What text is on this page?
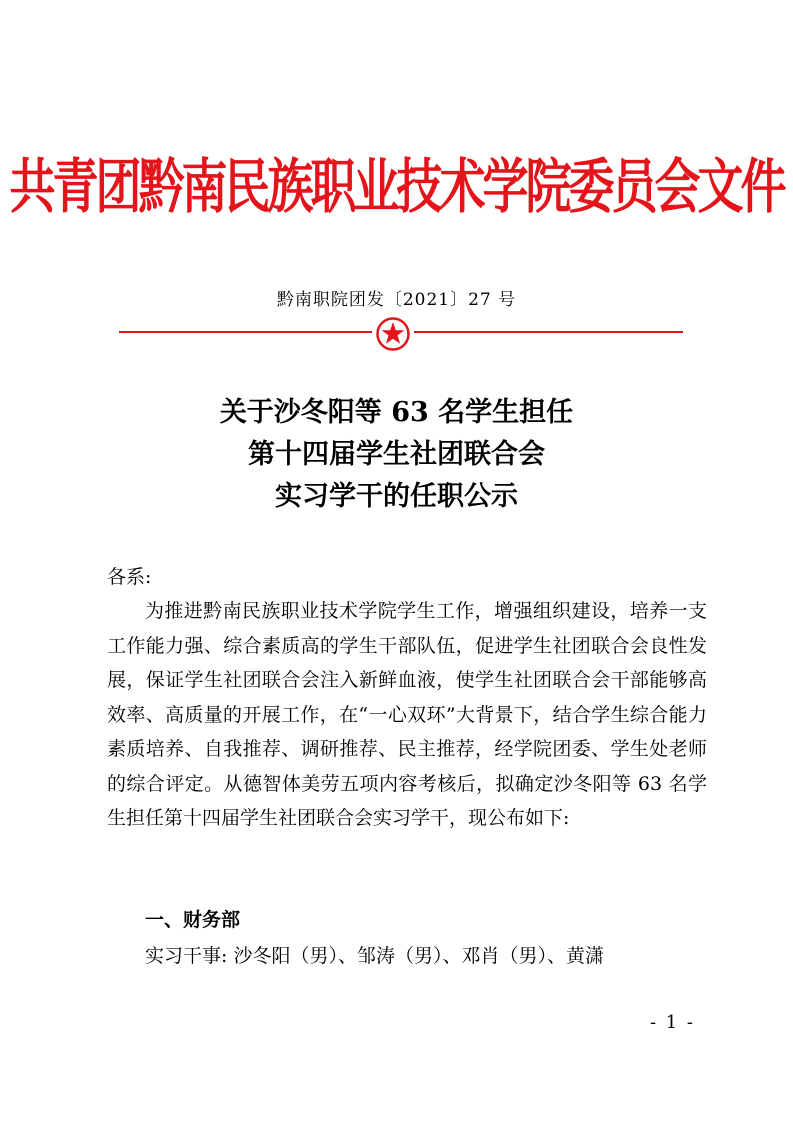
共青团黔南民族职业技术学院委员会文件
黔南职院团发〔2021〕27 号
关于沙冬阳等 63 名学生担任
第十四届学生社团联合会
实习学干的任职公示
各系:

为推进黔南民族职业技术学院学生工作，增强组织建设，培养一支工作能力强、综合素质高的学生干部队伍，促进学生社团联合会良性发展，保证学生社团联合会注入新鲜血液，使学生社团联合会干部能够高效率、高质量的开展工作，在“一心双环”大背景下，结合学生综合能力素质培养、自我推荐、调研推荐、民主推荐，经学院团委、学生处老师的综合评定。从德智体美劳五项内容考核后，拟确定沙冬阳等 63 名学生担任第十四届学生社团联合会实习学干，现公布如下:

一、财务部
实习干事: 沙冬阳（男）、邹涛（男）、邓肖（男）、黄潇
- 1 -
